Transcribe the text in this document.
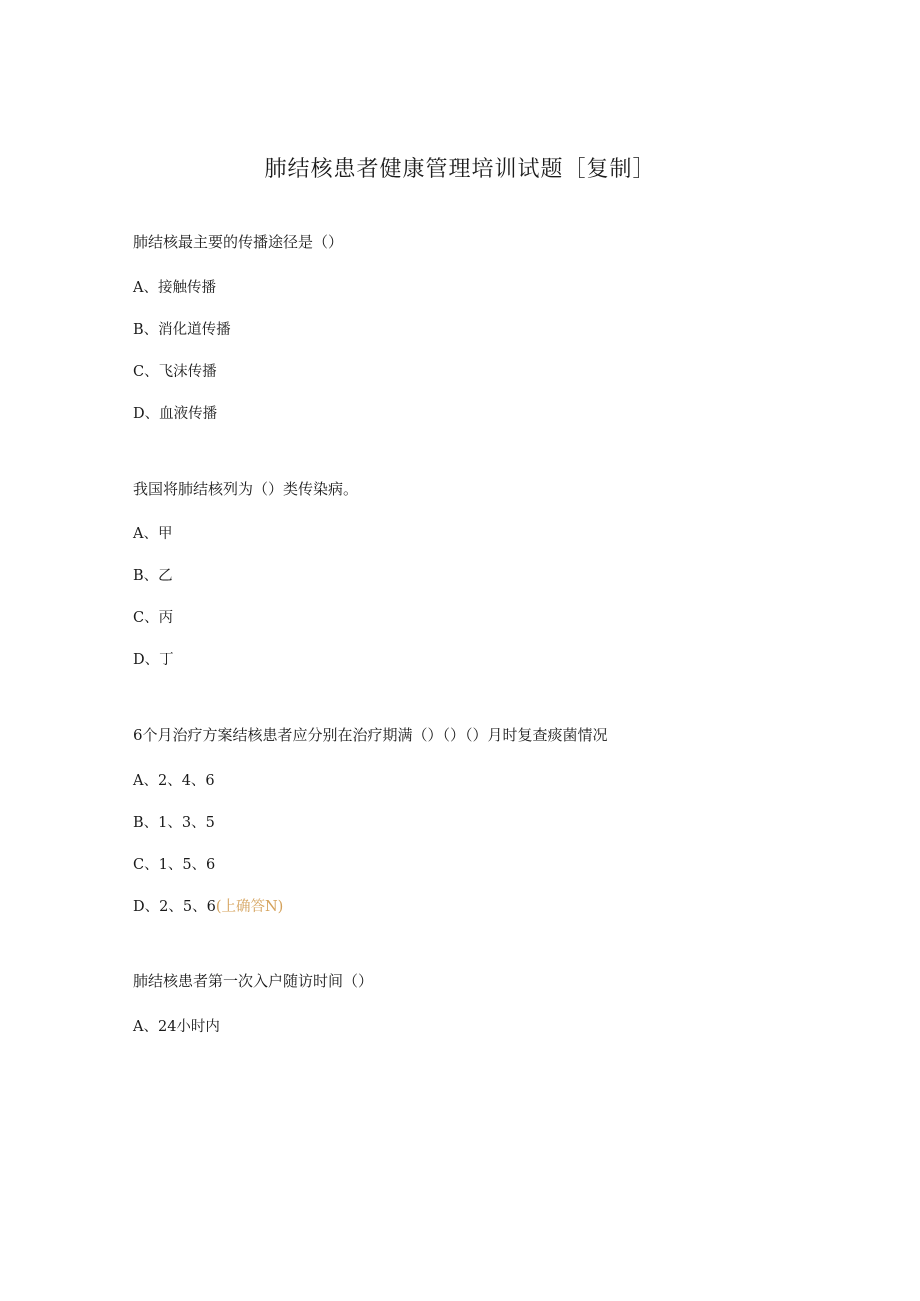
肺结核患者健康管理培训试题［复制］
肺结核最主要的传播途径是（）
A、接触传播
B、消化道传播
C、飞沫传播
D、血液传播
我国将肺结核列为（）类传染病。
A、甲
B、乙
C、丙
D、丁
6个月治疗方案结核患者应分别在治疗期满（）（）（）月时复查痰菌情况
A、2、4、6
B、1、3、5
C、1、5、6
D、2、5、6(上确答N)
肺结核患者第一次入户随访时间（）
A、24小时内
